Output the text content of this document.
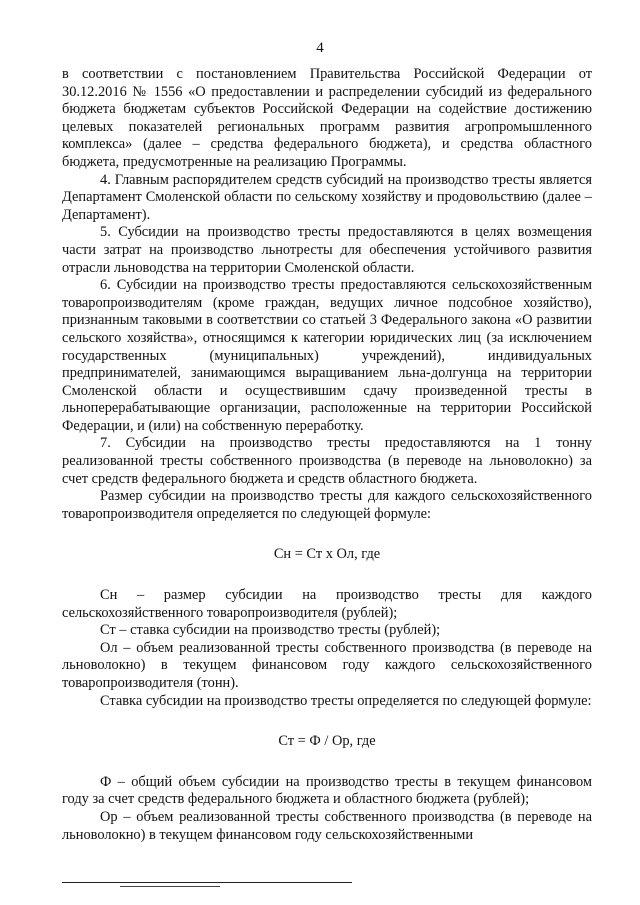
4

в соответствии с постановлением Правительства Российской Федерации от 30.12.2016 № 1556 «О предоставлении и распределении субсидий из федерального бюджета бюджетам субъектов Российской Федерации на содействие достижению целевых показателей региональных программ развития агропромышленного комплекса» (далее – средства федерального бюджета), и средства областного бюджета, предусмотренные на реализацию Программы.

4. Главным распорядителем средств субсидий на производство тресты является Департамент Смоленской области по сельскому хозяйству и продовольствию (далее – Департамент).

5. Субсидии на производство тресты предоставляются в целях возмещения части затрат на производство льнотресты для обеспечения устойчивого развития отрасли льноводства на территории Смоленской области.

6. Субсидии на производство тресты предоставляются сельскохозяйственным товаропроизводителям (кроме граждан, ведущих личное подсобное хозяйство), признанным таковыми в соответствии со статьей 3 Федерального закона «О развитии сельского хозяйства», относящимся к категории юридических лиц (за исключением государственных (муниципальных) учреждений), индивидуальных предпринимателей, занимающимся выращиванием льна-долгунца на территории Смоленской области и осуществившим сдачу произведенной тресты в льноперерабатывающие организации, расположенные на территории Российской Федерации, и (или) на собственную переработку.

7. Субсидии на производство тресты предоставляются на 1 тонну реализованной тресты собственного производства (в переводе на льноволокно) за счет средств федерального бюджета и средств областного бюджета.

Размер субсидии на производство тресты для каждого сельскохозяйственного товаропроизводителя определяется по следующей формуле:

Сн = Ст х Ол, где

Сн – размер субсидии на производство тресты для каждого сельскохозяйственного товаропроизводителя (рублей);

Ст – ставка субсидии на производство тресты (рублей);

Ол – объем реализованной тресты собственного производства (в переводе на льноволокно) в текущем финансовом году каждого сельскохозяйственного товаропроизводителя (тонн).

Ставка субсидии на производство тресты определяется по следующей формуле:

Ст = Ф / Ор, где

Ф – общий объем субсидии на производство тресты в текущем финансовом году за счет средств федерального бюджета и областного бюджета (рублей);

Ор – объем реализованной тресты собственного производства (в переводе на льноволокно) в текущем финансовом году сельскохозяйственными
